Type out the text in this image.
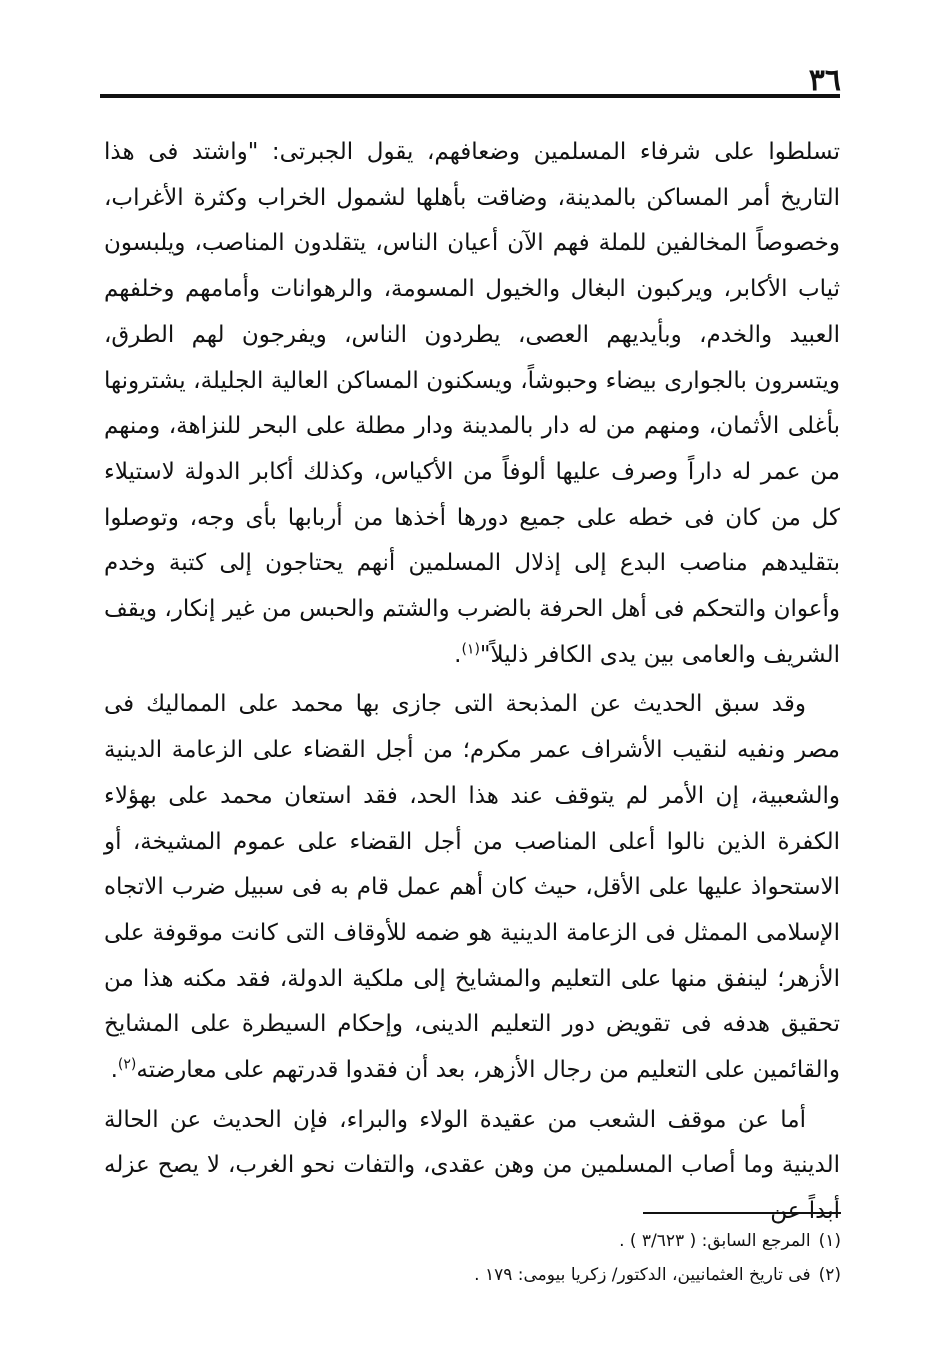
٣٦

تسلطوا على شرفاء المسلمين وضعافهم، يقول الجبرتى: "واشتد فى هذا التاريخ أمر المساكن بالمدينة، وضاقت بأهلها لشمول الخراب وكثرة الأغراب، وخصوصاً المخالفين للملة فهم الآن أعيان الناس، يتقلدون المناصب، ويلبسون ثياب الأكابر، ويركبون البغال والخيول المسومة، والرهوانات وأمامهم وخلفهم العبيد والخدم، وبأيديهم العصى، يطردون الناس، ويفرجون لهم الطرق، ويتسرون بالجوارى بيضاء وحبوشاً، ويسكنون المساكن العالية الجليلة، يشترونها بأغلى الأثمان، ومنهم من له دار بالمدينة ودار مطلة على البحر للنزاهة، ومنهم من عمر له داراً وصرف عليها ألوفاً من الأكياس، وكذلك أكابر الدولة لاستيلاء كل من كان فى خطه على جميع دورها أخذها من أربابها بأى وجه، وتوصلوا بتقليدهم مناصب البدع إلى إذلال المسلمين أنهم يحتاجون إلى كتبة وخدم وأعوان والتحكم فى أهل الحرفة بالضرب والشتم والحبس من غير إنكار، ويقف الشريف والعامى بين يدى الكافر ذليلاً"$^{(١)}$.

وقد سبق الحديث عن المذبحة التى جازى بها محمد على المماليك فى مصر ونفيه لنقيب الأشراف عمر مكرم؛ من أجل القضاء على الزعامة الدينية والشعبية، إن الأمر لم يتوقف عند هذا الحد، فقد استعان محمد على بهؤلاء الكفرة الذين نالوا أعلى المناصب من أجل القضاء على عموم المشيخة، أو الاستحواذ عليها على الأقل، حيث كان أهم عمل قام به فى سبيل ضرب الاتجاه الإسلامى الممثل فى الزعامة الدينية هو ضمه للأوقاف التى كانت موقوفة على الأزهر؛ لينفق منها على التعليم والمشايخ إلى ملكية الدولة، فقد مكنه هذا من تحقيق هدفه فى تقويض دور التعليم الدينى، وإحكام السيطرة على المشايخ والقائمين على التعليم من رجال الأزهر، بعد أن فقدوا قدرتهم على معارضته$^{(٢)}$.

أما عن موقف الشعب من عقيدة الولاء والبراء، فإن الحديث عن الحالة الدينية وما أصاب المسلمين من وهن عقدى، والتفات نحو الغرب، لا يصح عزله أبداً عن

(١)المرجع السابق: ( ٣/٦٢٣ ) .

(٢)فى تاريخ العثمانيين، الدكتور/ زكريا بيومى: ١٧٩ .
